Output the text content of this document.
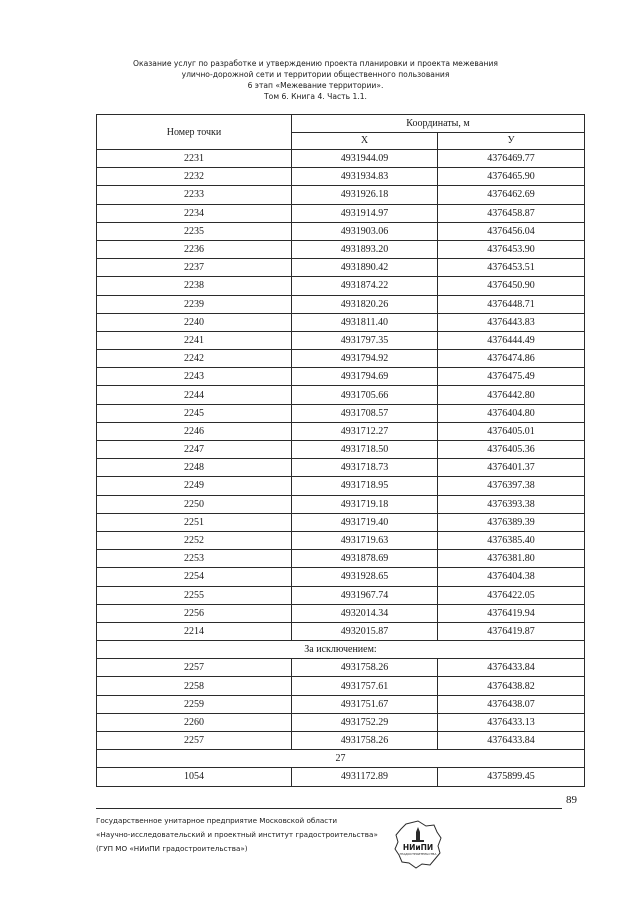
Оказание услуг по разработке и утверждению проекта планировки и проекта межевания
улично-дорожной сети и территории общественного пользования
6 этап «Межевание территории».
Том 6. Книга 4. Часть 1.1.
Номер точки	Координаты, м	
	X	У
2231	4931944.09	4376469.77
2232	4931934.83	4376465.90
2233	4931926.18	4376462.69
2234	4931914.97	4376458.87
2235	4931903.06	4376456.04
2236	4931893.20	4376453.90
2237	4931890.42	4376453.51
2238	4931874.22	4376450.90
2239	4931820.26	4376448.71
2240	4931811.40	4376443.83
2241	4931797.35	4376444.49
2242	4931794.92	4376474.86
2243	4931794.69	4376475.49
2244	4931705.66	4376442.80
2245	4931708.57	4376404.80
2246	4931712.27	4376405.01
2247	4931718.50	4376405.36
2248	4931718.73	4376401.37
2249	4931718.95	4376397.38
2250	4931719.18	4376393.38
2251	4931719.40	4376389.39
2252	4931719.63	4376385.40
2253	4931878.69	4376381.80
2254	4931928.65	4376404.38
2255	4931967.74	4376422.05
2256	4932014.34	4376419.94
2214	4932015.87	4376419.87
За исключением:		
2257	4931758.26	4376433.84
2258	4931757.61	4376438.82
2259	4931751.67	4376438.07
2260	4931752.29	4376433.13
2257	4931758.26	4376433.84
27		
1054	4931172.89	4375899.45
89
Государственное унитарное предприятие Московской области
«Научно-исследовательский и проектный институт градостроительства»
(ГУП МО «НИиПИ градостроительства»)	НИиПИ
ГРАДОСТРОИТЕЛЬСТВА
